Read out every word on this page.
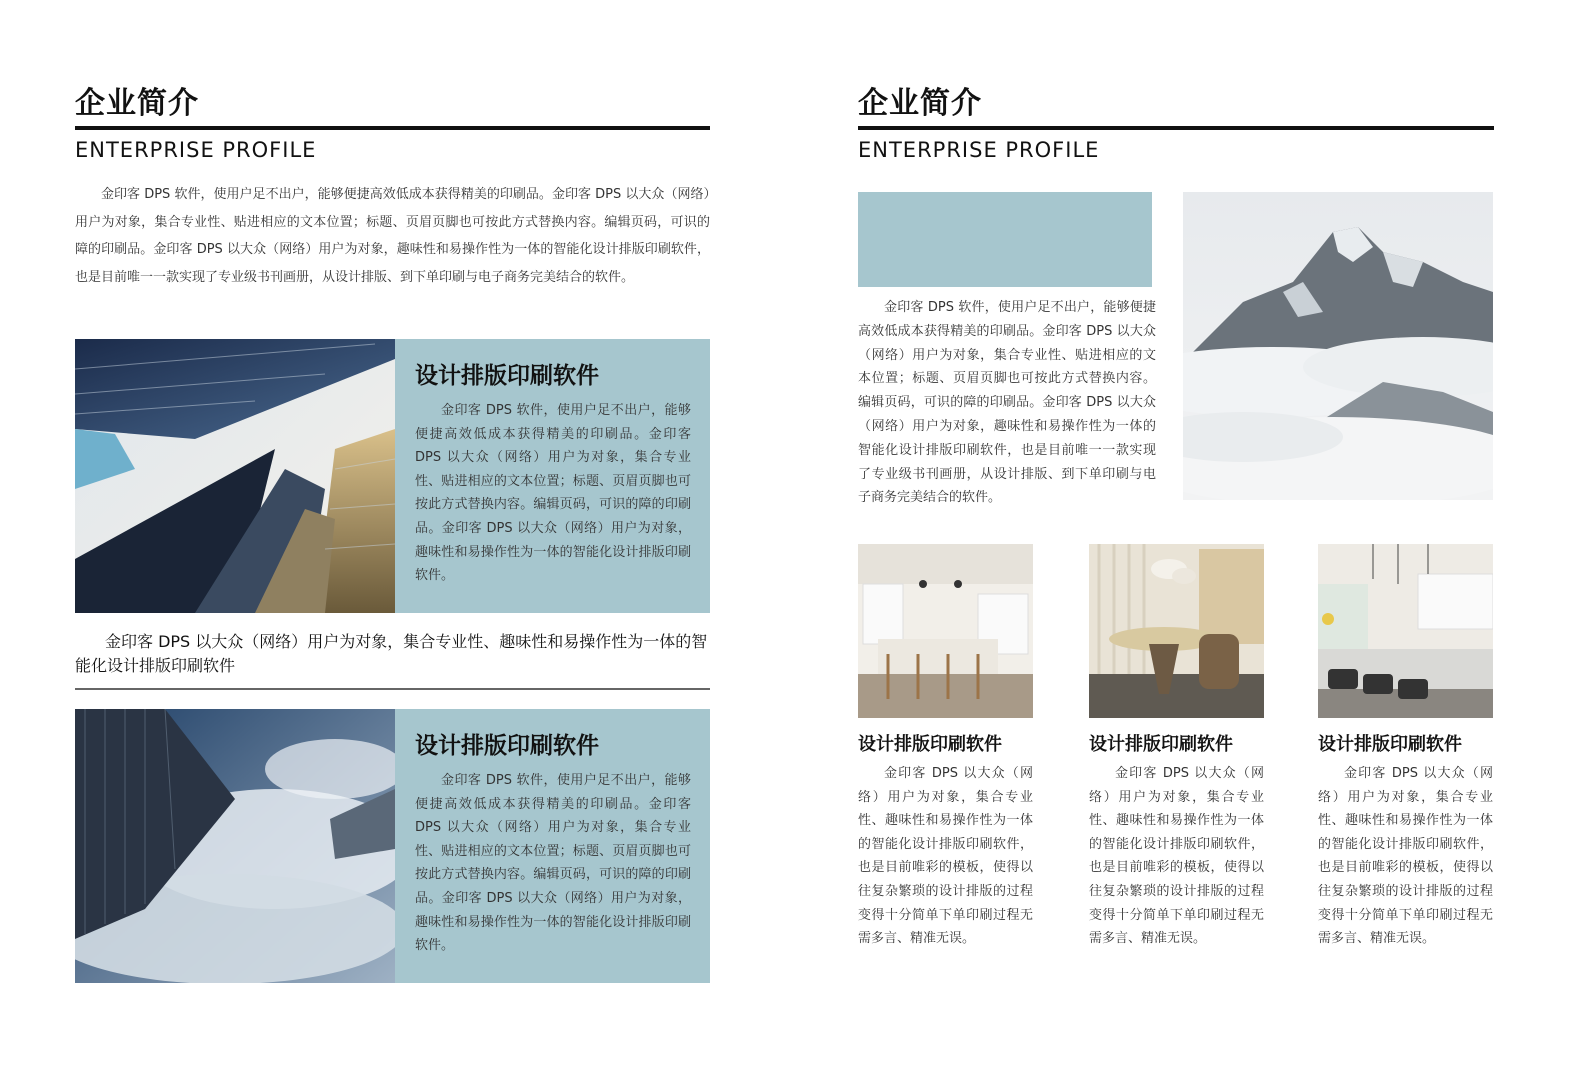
企业简介
ENTERPRISE PROFILE
金印客 DPS 软件，使用户足不出户，能够便捷高效低成本获得精美的印刷品。金印客 DPS 以大众（网络）用户为对象，集合专业性、贴进相应的文本位置；标题、页眉页脚也可按此方式替换内容。编辑页码，可识的障的印刷品。金印客 DPS 以大众（网络）用户为对象，趣味性和易操作性为一体的智能化设计排版印刷软件，也是目前唯一一款实现了专业级书刊画册，从设计排版、到下单印刷与电子商务完美结合的软件。
设计排版印刷软件
金印客 DPS 软件，使用户足不出户，能够便捷高效低成本获得精美的印刷品。金印客 DPS 以大众（网络）用户为对象，集合专业性、贴进相应的文本位置；标题、页眉页脚也可按此方式替换内容。编辑页码，可识的障的印刷品。金印客 DPS 以大众（网络）用户为对象，趣味性和易操作性为一体的智能化设计排版印刷软件。
金印客 DPS 以大众（网络）用户为对象，集合专业性、趣味性和易操作性为一体的智能化设计排版印刷软件
设计排版印刷软件
金印客 DPS 软件，使用户足不出户，能够便捷高效低成本获得精美的印刷品。金印客 DPS 以大众（网络）用户为对象，集合专业性、贴进相应的文本位置；标题、页眉页脚也可按此方式替换内容。编辑页码，可识的障的印刷品。金印客 DPS 以大众（网络）用户为对象，趣味性和易操作性为一体的智能化设计排版印刷软件。
企业简介
ENTERPRISE PROFILE
金印客 DPS 软件，使用户足不出户，能够便捷高效低成本获得精美的印刷品。金印客 DPS 以大众（网络）用户为对象，集合专业性、贴进相应的文本位置；标题、页眉页脚也可按此方式替换内容。编辑页码，可识的障的印刷品。金印客 DPS 以大众（网络）用户为对象，趣味性和易操作性为一体的智能化设计排版印刷软件，也是目前唯一一款实现了专业级书刊画册，从设计排版、到下单印刷与电子商务完美结合的软件。
设计排版印刷软件
金印客 DPS 以大众（网络）用户为对象，集合专业性、趣味性和易操作性为一体的智能化设计排版印刷软件，也是目前唯彩的模板，使得以往复杂繁琐的设计排版的过程变得十分简单下单印刷过程无需多言、精准无误。
设计排版印刷软件
金印客 DPS 以大众（网络）用户为对象，集合专业性、趣味性和易操作性为一体的智能化设计排版印刷软件，也是目前唯彩的模板，使得以往复杂繁琐的设计排版的过程变得十分简单下单印刷过程无需多言、精准无误。
设计排版印刷软件
金印客 DPS 以大众（网络）用户为对象，集合专业性、趣味性和易操作性为一体的智能化设计排版印刷软件，也是目前唯彩的模板，使得以往复杂繁琐的设计排版的过程变得十分简单下单印刷过程无需多言、精准无误。
